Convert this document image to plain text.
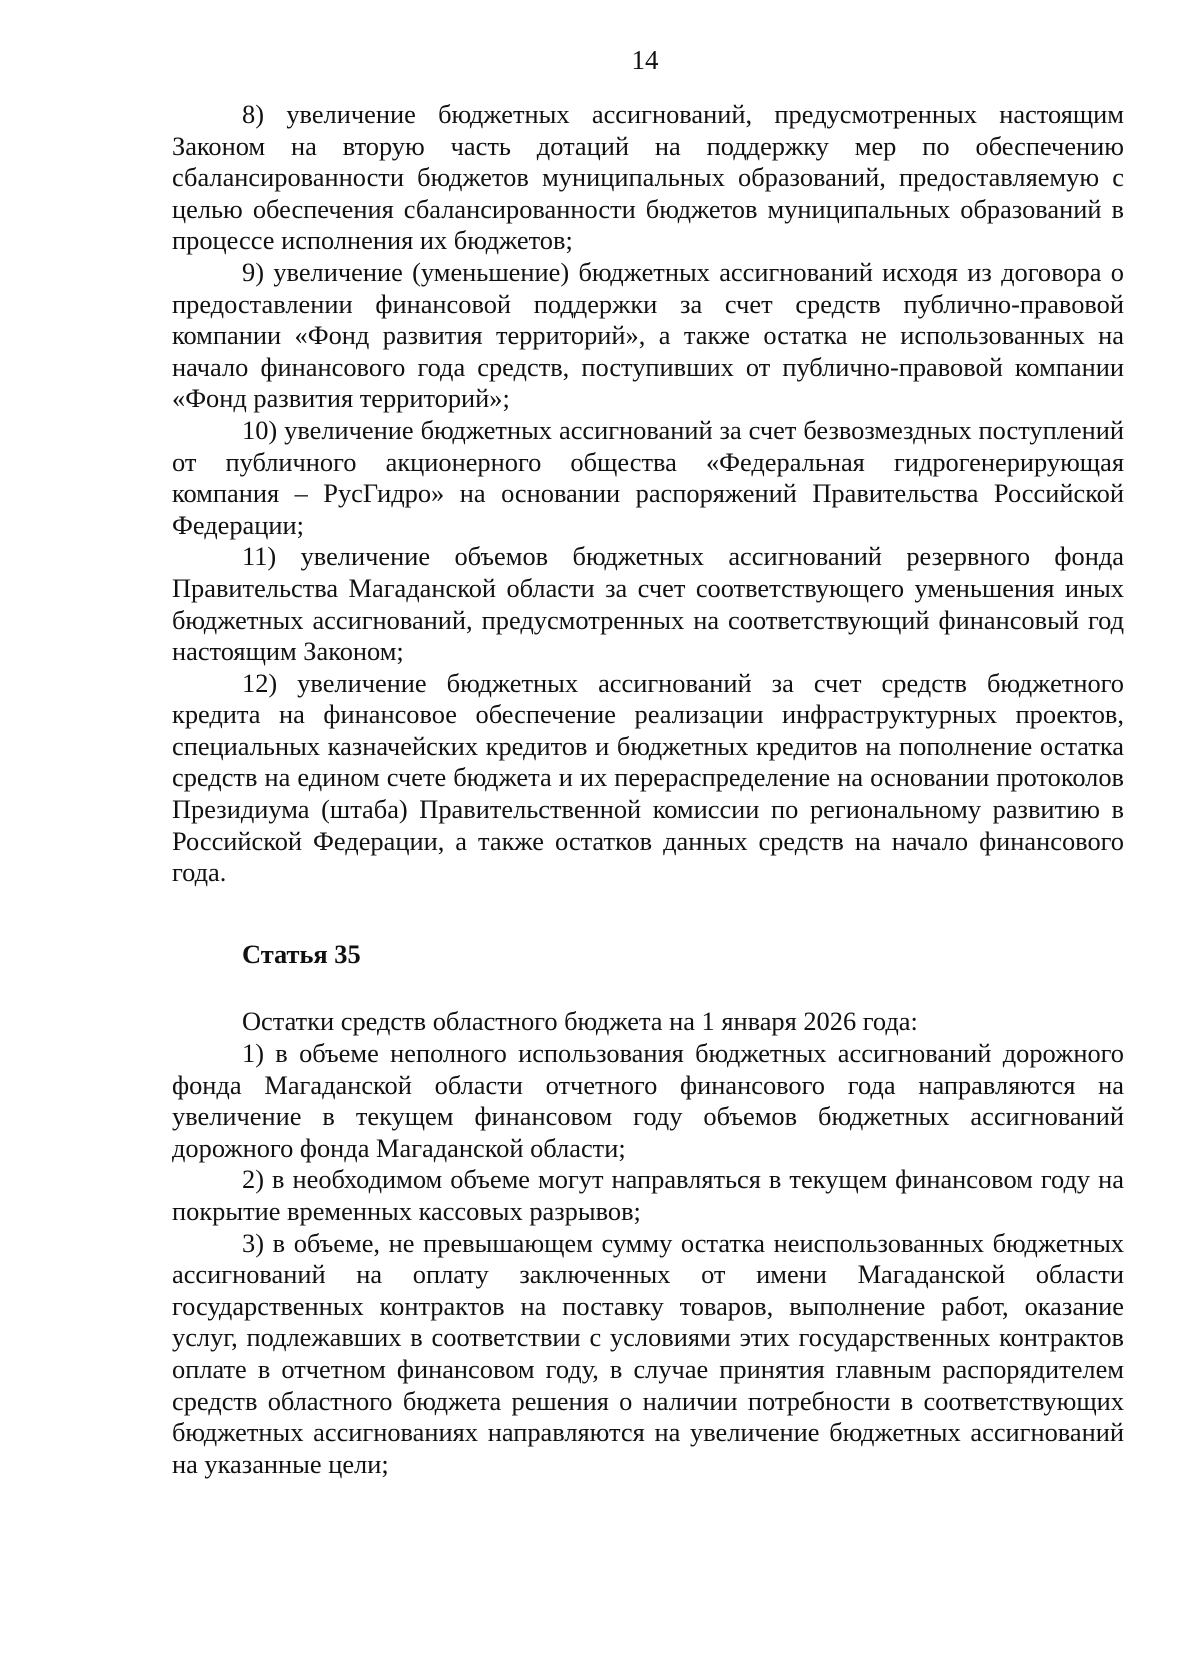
14

8) увеличение бюджетных ассигнований, предусмотренных настоящим Законом на вторую часть дотаций на поддержку мер по обеспечению сбалансированности бюджетов муниципальных образований, предоставляемую с целью обеспечения сбалансированности бюджетов муниципальных образований в процессе исполнения их бюджетов;

9) увеличение (уменьшение) бюджетных ассигнований исходя из договора о предоставлении финансовой поддержки за счет средств публично-правовой компании «Фонд развития территорий», а также остатка не использованных на начало финансового года средств, поступивших от публично-правовой компании «Фонд развития территорий»;

10) увеличение бюджетных ассигнований за счет безвозмездных поступлений от публичного акционерного общества «Федеральная гидрогенерирующая компания – РусГидро» на основании распоряжений Правительства Российской Федерации;

11) увеличение объемов бюджетных ассигнований резервного фонда Правительства Магаданской области за счет соответствующего уменьшения иных бюджетных ассигнований, предусмотренных на соответствующий финансовый год настоящим Законом;

12) увеличение бюджетных ассигнований за счет средств бюджетного кредита на финансовое обеспечение реализации инфраструктурных проектов, специальных казначейских кредитов и бюджетных кредитов на пополнение остатка средств на едином счете бюджета и их перераспределение на основании протоколов Президиума (штаба) Правительственной комиссии по региональному развитию в Российской Федерации, а также остатков данных средств на начало финансового года.

Статья 35

Остатки средств областного бюджета на 1 января 2026 года:

1) в объеме неполного использования бюджетных ассигнований дорожного фонда Магаданской области отчетного финансового года направляются на увеличение в текущем финансовом году объемов бюджетных ассигнований дорожного фонда Магаданской области;

2) в необходимом объеме могут направляться в текущем финансовом году на покрытие временных кассовых разрывов;

3) в объеме, не превышающем сумму остатка неиспользованных бюджетных ассигнований на оплату заключенных от имени Магаданской области государственных контрактов на поставку товаров, выполнение работ, оказание услуг, подлежавших в соответствии с условиями этих государственных контрактов оплате в отчетном финансовом году, в случае принятия главным распорядителем средств областного бюджета решения о наличии потребности в соответствующих бюджетных ассигнованиях направляются на увеличение бюджетных ассигнований на указанные цели;
